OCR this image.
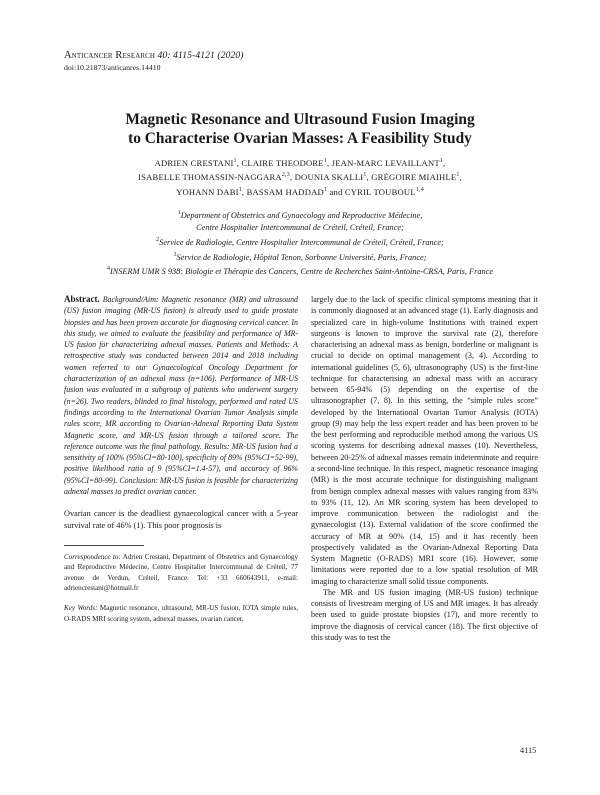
Anticancer Research 40: 4115-4121 (2020)
doi:10.21873/anticanres.14410
Magnetic Resonance and Ultrasound Fusion Imaging
to Characterise Ovarian Masses: A Feasibility Study
ADRIEN CRESTANI$^1$, CLAIRE THEODORE$^1$, JEAN-MARC LEVAILLANT$^1$,
ISABELLE THOMASSIN-NAGGARA$^{2,3}$, DOUNIA SKALLI$^1$, GRÉGOIRE MIAIHLE$^1$,
YOHANN DABI$^1$, BASSAM HADDAD$^1$ and CYRIL TOUBOUL$^{1,4}$
$^1$Department of Obstetrics and Gynaecology and Reproductive Médecine,
Centre Hospitalier Intercommunal de Créteil, Créteil, France;
$^2$Service de Radiologie, Centre Hospitalier Intercommunal de Créteil, Créteil, France;
$^3$Service de Radiologie, Hôpital Tenon, Sorbonne Université, Paris, France;
$^4$INSERM UMR S 938: Biologie et Thérapie des Cancers, Centre de Recherches Saint-Antoine-CRSA, Paris, France
Abstract. Background/Aim: Magnetic resonance (MR) and ultrasound (US) fusion imaging (MR-US fusion) is already used to guide prostate biopsies and has been proven accurate for diagnosing cervical cancer. In this study, we aimed to evaluate the feasibility and performance of MR-US fusion for characterizing adnexal masses. Patients and Methods: A retrospective study was conducted between 2014 and 2018 including women referred to our Gynaecological Oncology Department for characterization of an adnexal mass (n=106). Performance of MR-US fusion was evaluated in a subgroup of patients who underwent surgery (n=26). Two readers, blinded to final histology, performed and rated US findings according to the International Ovarian Tumor Analysis simple rules score, MR according to Ovarian-Adnexal Reporting Data System Magnetic score, and MR-US fusion through a tailored score. The reference outcome was the final pathology. Results: MR-US fusion had a sensitivity of 100% (95%CI=80-100), specificity of 89% (95%CI=52-99), positive likelihood ratio of 9 (95%CI=1.4-57), and accuracy of 96% (95%CI=80-99). Conclusion: MR-US fusion is feasible for characterizing adnexal masses to predict ovarian cancer.
Ovarian cancer is the deadliest gynaecological cancer with a 5-year survival rate of 46% (1). This poor prognosis is
Correspondence to: Adrien Crestani, Department of Obstetrics and Gynaecology and Reproductive Médecine, Centre Hospitalier Intercommunal de Créteil, 77 avenue de Verdun, Créteil, France. Tel: +33 660643911, e-mail: adriencrestani@hotmail.fr
Key Words: Magnetic resonance, ultrasound, MR-US fusion, IOTA simple rules, O-RADS MRI scoring system, adnexal masses, ovarian cancer.

largely due to the lack of specific clinical symptoms meaning that it is commonly diagnosed at an advanced stage (1). Early diagnosis and specialized care in high-volume Institutions with trained expert surgeons is known to improve the survival rate (2), therefore characterising an adnexal mass as benign, borderline or malignant is crucial to decide on optimal management (3, 4). According to international guidelines (5, 6), ultrasonography (US) is the first-line technique for characterising an adnexal mass with an accuracy between 65-94% (5) depending on the expertise of the ultrasonographer (7, 8). In this setting, the “simple rules score” developed by the International Ovarian Tumor Analysis (IOTA) group (9) may help the less expert reader and has been proven to be the best performing and reproducible method among the various US scoring systems for describing adnexal masses (10). Nevertheless, between 20-25% of adnexal masses remain indeterminate and require a second-line technique. In this respect, magnetic resonance imaging (MR) is the most accurate technique for distinguishing malignant from benign complex adnexal masses with values ranging from 83% to 93% (11, 12). An MR scoring system has been developed to improve communication between the radiologist and the gynaecologist (13). External validation of the score confirmed the accuracy of MR at 90% (14, 15) and it has recently been prospectively validated as the Ovarian-Adnexal Reporting Data System Magnetic (O-RADS) MRI score (16). However, some limitations were reported due to a low spatial resolution of MR imaging to characterize small solid tissue components.

The MR and US fusion imaging (MR-US fusion) technique consists of livestream merging of US and MR images. It has already been used to guide prostate biopsies (17), and more recently to improve the diagnosis of cervical cancer (18). The first objective of this study was to test the

4115
